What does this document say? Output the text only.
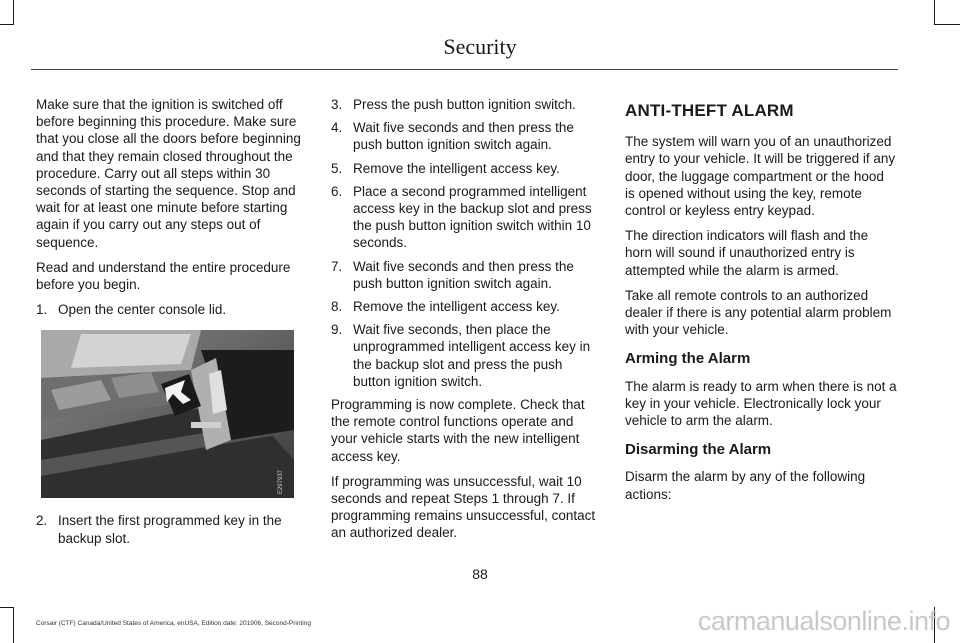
Security

Make sure that the ignition is switched off before beginning this procedure. Make sure that you close all the doors before beginning and that they remain closed throughout the procedure. Carry out all steps within 30 seconds of starting the sequence. Stop and wait for at least one minute before starting again if you carry out any steps out of sequence.

Read and understand the entire procedure before you begin.

1. Open the center console lid.
E297937
2. Insert the first programmed key in the backup slot.
3. Press the push button ignition switch.
4. Wait five seconds and then press the push button ignition switch again.
5. Remove the intelligent access key.
6. Place a second programmed intelligent access key in the backup slot and press the push button ignition switch within 10 seconds.
7. Wait five seconds and then press the push button ignition switch again.
8. Remove the intelligent access key.
9. Wait five seconds, then place the unprogrammed intelligent access key in the backup slot and press the push button ignition switch.

Programming is now complete. Check that the remote control functions operate and your vehicle starts with the new intelligent access key.

If programming was unsuccessful, wait 10 seconds and repeat Steps 1 through 7. If programming remains unsuccessful, contact an authorized dealer.

ANTI-THEFT ALARM

The system will warn you of an unauthorized entry to your vehicle. It will be triggered if any door, the luggage compartment or the hood is opened without using the key, remote control or keyless entry keypad.

The direction indicators will flash and the horn will sound if unauthorized entry is attempted while the alarm is armed.

Take all remote controls to an authorized dealer if there is any potential alarm problem with your vehicle.

Arming the Alarm

The alarm is ready to arm when there is not a key in your vehicle. Electronically lock your vehicle to arm the alarm.

Disarming the Alarm

Disarm the alarm by any of the following actions:

88
Corsair (CTF) Canada/United States of America, enUSA, Edition date: 201906, Second-Printing	carmanualsonline.info
